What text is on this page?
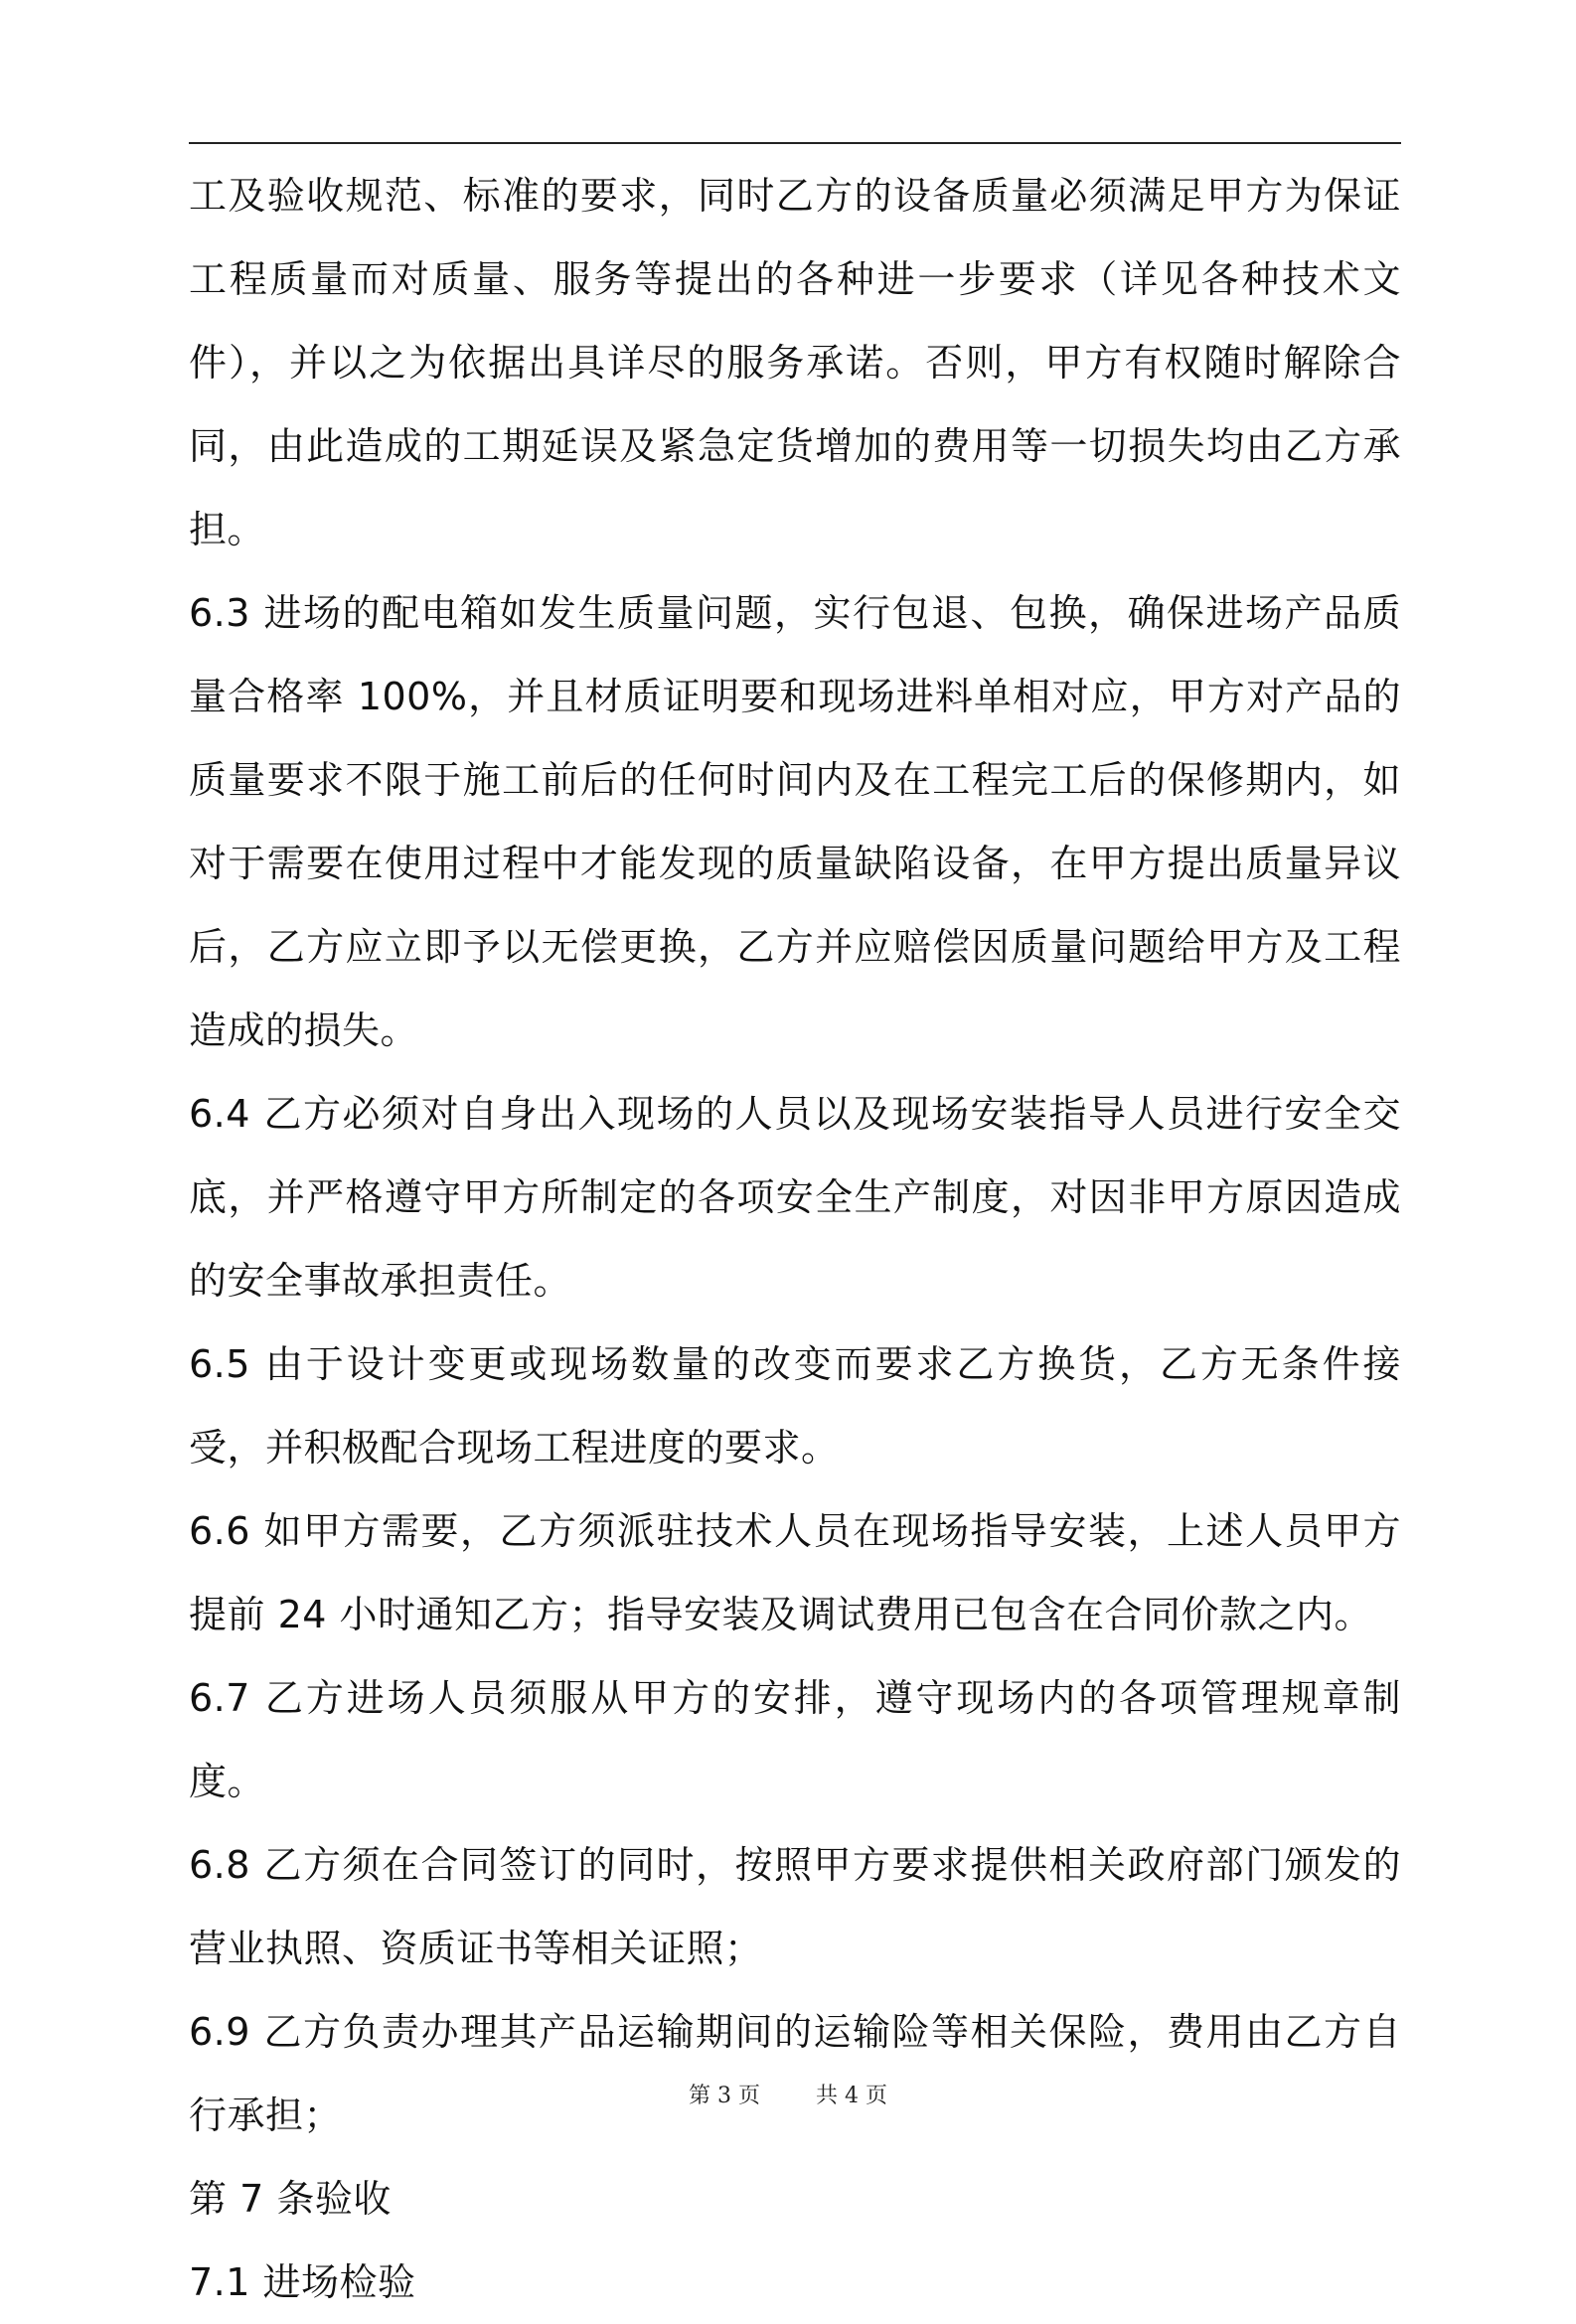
工及验收规范、标准的要求，同时乙方的设备质量必须满足甲方为保证工程质量而对质量、服务等提出的各种进一步要求（详见各种技术文件），并以之为依据出具详尽的服务承诺。否则，甲方有权随时解除合同，由此造成的工期延误及紧急定货增加的费用等一切损失均由乙方承担。

6.3 进场的配电箱如发生质量问题，实行包退、包换，确保进场产品质量合格率 100%，并且材质证明要和现场进料单相对应，甲方对产品的质量要求不限于施工前后的任何时间内及在工程完工后的保修期内，如对于需要在使用过程中才能发现的质量缺陷设备，在甲方提出质量异议后，乙方应立即予以无偿更换，乙方并应赔偿因质量问题给甲方及工程造成的损失。

6.4 乙方必须对自身出入现场的人员以及现场安装指导人员进行安全交底，并严格遵守甲方所制定的各项安全生产制度，对因非甲方原因造成的安全事故承担责任。

6.5 由于设计变更或现场数量的改变而要求乙方换货，乙方无条件接受，并积极配合现场工程进度的要求。

6.6 如甲方需要，乙方须派驻技术人员在现场指导安装，上述人员甲方提前 24 小时通知乙方；指导安装及调试费用已包含在合同价款之内。

6.7 乙方进场人员须服从甲方的安排，遵守现场内的各项管理规章制度。

6.8 乙方须在合同签订的同时，按照甲方要求提供相关政府部门颁发的营业执照、资质证书等相关证照；

6.9 乙方负责办理其产品运输期间的运输险等相关保险，费用由乙方自行承担；

第 7 条验收

7.1 进场检验

第 3 页	共 4 页
